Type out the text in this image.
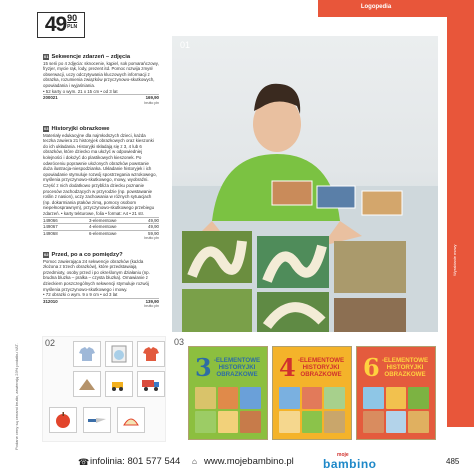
49 90
PLN
Logopedia
Wyrabianie mowy
01 Sekwencje zdarzeń – zdjęcia
15 serii po 4 zdjęcia: sknocenie, kąpiel, sok pomarańczowy, fryzjer, mycie rąk, lody, prezent itd. Pomoc rozwija zmysł obserwacji, uczy odczytywania kluczowych informacji z obrazka, rozumienia związków przyczynowo-skutkowych, opowiadania i wyjaśniania.
• 52 karty o wym. 21 x 15 cm • od 3 lat
200021	169,90
brutto pln
03 Historyjki obrazkowe
Materiały edukacyjne dla najmłodszych dzieci, każda teczka zawiera 21 historyjek obrazkowych oraz kieszonki do ich układania. Historyjki składają się z 3, 4 lub 6 obrazków, które dziecko ma ułożyć w odpowiedniej kolejności i dołożyć do plastikowych kieszonek. Po odwróceniu poprawnie ułożonych obrazków powstanie duża ilustracja-niespodzianka. Układanie historyjek i ich opowiadanie stymuluje rozwój spostrzegania wzrokowego, myślenia przyczynowo-skutkowego, mowy, wyobraźni. Część z nich dodatkowo przybliża dziecku poznanie procesów zachodzących w przyrodzie (np. powstawanie roślin z nasion), uczy zachowania w różnych sytuacjach (np. dokarmiania ptaków zimą, pomocy osobom niepełnosprawnym), przyczynowo-skutkowego przebiegu zdarzeń. • karty tekturowe, folia • format: A4 • 21 str.
149066	3-elementowe	49,90
149067	4-elementowe	49,90
149068	6-elementowe	59,90
brutto pln
02 Przed, po a co pomiędzy?
Pomoc zawierająca 24 sekwencje obrazków (każda złożona z trzech obrazków), które przedstawiają przedmioty, osoby przed i po określonym działaniu (np. brudna bluzka – pralka – czysta bluzka). Omawianie z dzieckiem poszczególnych sekwencji stymuluje rozwój myślenia przyczynowo-skutkowego i mowy.
• 72 obrazki o wym. 9 x 9 cm • od 3 lat
312010	139,90
brutto pln
01
02	03
3 -ELEMENTOWE HISTORYJKI OBRAZKOWE 4 -ELEMENTOWE HISTORYJKI OBRAZKOWE 6 -ELEMENTOWE HISTORYJKI OBRAZKOWE
Podane ceny są cenami brutto, zawierają 23% podatku VAT.
☎ infolinia: 801 577 544 ⌂ www.mojebambino.pl
moje
bambino	485
